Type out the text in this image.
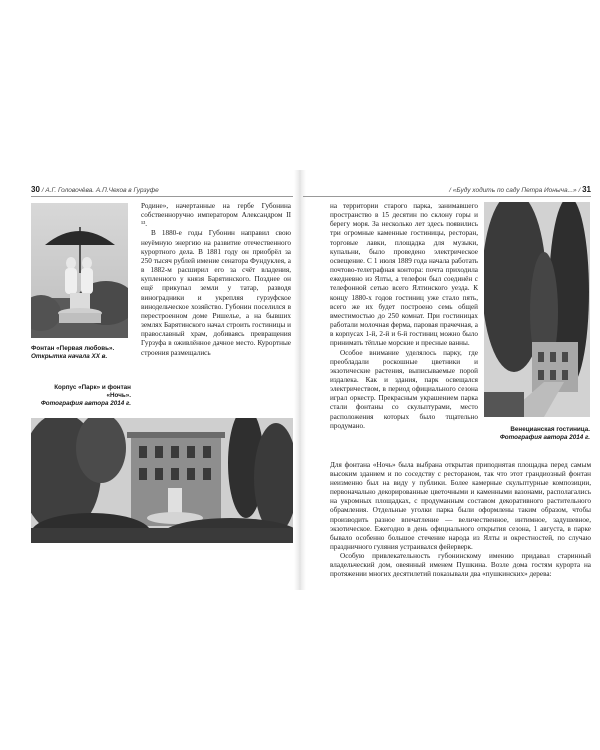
30 / А.Г. Головочёва. А.П.Чехов в Гурзуфе
Фонтан «Первая любовь».
Открытка начала XX в.

Родине», начертанные на гербе Губонина собственноручно императором Александром II ¹³.

В 1880-е годы Губонин направил свою неуёмную энергию на развитие отечественного курортного дела. В 1881 году он приобрёл за 250 тысяч рублей имение сенатора Фундуклея, а в 1882-м расширил его за счёт владения, купленного у князя Барятинского. Позднее он ещё прикупал земли у татар, разводя виноградники и укрепляя гурзуфское винодельческое хозяйство. Губонин поселился в перестроенном доме Ришелье, а на бывших землях Барятинского начал строить гостиницы и православный храм, добиваясь превращения Гурзуфа в оживлённое дачное место. Курортные строения размещались

Корпус «Парк» и фонтан «Ночь».
Фотография автора 2014 г.
/ «Буду ходить по саду Петра Ионыча...» / 31

на территории старого парка, занимавшего пространство в 15 десятин по склону горы и берегу моря. За несколько лет здесь появились три огромные каменные гостиницы, ресторан, торговые лавки, площадка для музыки, купальни, было проведено электрическое освещение. С 1 июля 1889 года начала работать почтово-телеграфная контора: почта приходила ежедневно из Ялты, а телефон был соединён с телефонной сетью всего Ялтинского уезда. К концу 1880-х годов гостиниц уже стало пять, всего же их будет построено семь общей вместимостью до 250 комнат. При гостиницах работали молочная ферма, паровая прачечная, а в корпусах 1-й, 2-й и 6-й гостиниц можно было принимать тёплые морские и пресные ванны.

Особое внимание уделялось парку, где преобладали роскошные цветники и экзотические растения, выписываемые порой издалека. Как и здания, парк освещался электричеством, в период официального сезона играл оркестр. Прекрасным украшением парка стали фонтаны со скульптурами, место расположения которых было тщательно продумано.	Венецианская гостиница.
Фотография автора 2014 г.

Для фонтана «Ночь» была выбрана открытая приподнятая площадка перед самым высоким зданием и по соседству с рестораном, так что этот грандиозный фонтан неизменно был на виду у публики. Более камерные скульптурные композиции, первоначально декорированные цветочными и каменными вазонами, располагались на укромных площадках, с продуманным составом декоративного растительного обрамления. Отдельные уголки парка были оформлены таким образом, чтобы производить разное впечатление — величественное, интимное, задушевное, экзотическое. Ежегодно в день официального открытия сезона, 1 августа, в парке бывало особенно большое стечение народа из Ялты и окрестностей, по случаю праздничного гуляния устраивался фейерверк.

Особую привлекательность губонинскому имению придавал старинный владельческий дом, овеянный именем Пушкина. Возле дома гостям курорта на протяжении многих десятилетий показывали два «пушкинских» дерева:
